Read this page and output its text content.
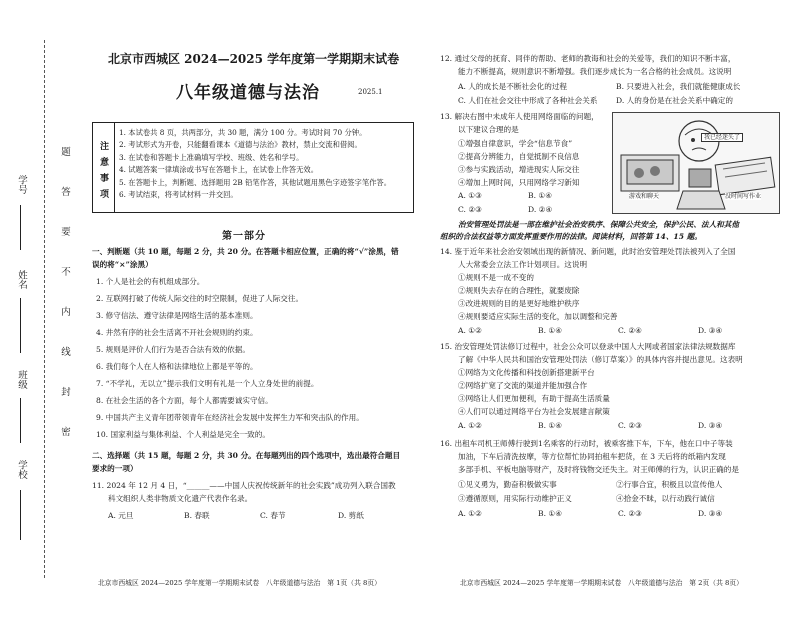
学号
姓名
班级
学校
密
封
线
内
不
要
答
题
北京市西城区 2024—2025 学年度第一学期期末试卷
八年级道德与法治	2025.1
注意事项
1. 本试卷共 8 页，共两部分，共 30 题，满分 100 分。考试时间 70 分钟。
2. 考试形式为开卷，只能翻看课本《道德与法治》教材，禁止交流和借阅。
3. 在试卷和答题卡上准确填写学校、班级、姓名和学号。
4. 试题答案一律填涂或书写在答题卡上，在试卷上作答无效。
5. 在答题卡上，判断题、选择题用 2B 铅笔作答，其他试题用黑色字迹签字笔作答。
6. 考试结束，将考试材料一并交回。
第一部分
一、判断题（共 10 题，每题 2 分，共 20 分。在答题卡相应位置，正确的将“√”涂黑，错
误的将“×”涂黑）
1. 个人是社会的有机组成部分。
2. 互联网打破了传统人际交往的时空限制，促进了人际交往。
3. 修守信法、遵守法律是网络生活的基本准则。
4. 井然有序的社会生活离不开社会规则的约束。
5. 规则是评价人们行为是否合法有效的依据。
6. 我们每个人在人格和法律地位上都是平等的。
7. “不学礼，无以立”提示我们文明有礼是一个人立身处世的前提。
8. 在社会生活的各个方面，每个人都需要诚实守信。
9. 中国共产主义青年团带领青年在经济社会发展中发挥生力军和突击队的作用。
10. 国家利益与集体利益、个人利益是完全一致的。
二、选择题（共 15 题，每题 2 分，共 30 分。在每题列出的四个选项中，选出最符合题目
要求的一项）
11. 2024 年 12 月 4 日，“______——中国人庆祝传统新年的社会实践”成功列入联合国教
科文组织人类非物质文化遗产代表作名录。
A. 元旦	B. 春联	C. 春节	D. 剪纸
北京市西城区 2024—2025 学年度第一学期期末试卷　八年级道德与法治　第 1页（共 8页）
12. 通过父母的抚育、同伴的帮助、老师的教诲和社会的关爱等，我们的知识不断丰富，
能力不断提高，规则意识不断增强。我们逐步成长为一名合格的社会成员。这说明
A. 人的成长是不断社会化的过程	B. 只要进入社会，我们就能健康成长
C. 人们在社会交往中形成了各种社会关系 D. 人的身份是在社会关系中确定的
13. 解决右图中未成年人使用网络面临的问题，
以下建议合理的是
①增强自律意识，学会“信息节食”
②提高分辨能力，自觉抵制不良信息
③参与实践活动，增进现实人际交往
④增加上网时间，只用网络学习新知
A. ①③	B. ①④
C. ②③	D. ②④
我已经迷失了
游戏和聊天	没时间写作业
治安管理处罚法是一部在维护社会治安秩序、保障公共安全，保护公民、法人和其他
组织的合法权益等方面发挥重要作用的法律。阅读材料，回答第 14、15 题。
14. 鉴于近年来社会治安领域出现的新情况、新问题，此时治安管理处罚法被列入了全国
人大常委会立法工作计划项目。这说明
①规则不是一成不变的
②规则失去存在的合理性，就要废除
③改进规则的目的是更好地维护秩序
④规则要适应实际生活的变化，加以调整和完善
A. ①②	B. ①④	C. ②④	D. ③④
15. 治安管理处罚法修订过程中，社会公众可以登录中国人大网或者国家法律法规数据库
了解《中华人民共和国治安管理处罚法（修订草案）》的具体内容并提出意见。这表明
①网络为文化传播和科技创新搭建新平台
②网络扩宽了交流的渠道并能加强合作
③网络让人们更加便利，有助于提高生活质量
④人们可以通过网络平台为社会发展建言献策
A. ①②	B. ①④	C. ②③	D. ③④
16. 出租车司机王师傅行驶到1名乘客的行动时，被乘客推下车，下车，他在口中子等装
加油，下车后清洗按摩，等方位帮忙协同拍租车把货，在 3 天后将的纸箱内发现
多部手机、平板电脑等财产，及时将钱物交还失主。对王师傅的行为，认识正确的是
①见义勇为，勤奋积极做实事	②行事合宜，积极且以宣传他人
③遵循原则，用实际行动维护正义	④拾金不昧，以行动践行诚信
A. ①②	B. ①④	C. ②③	D. ③④
北京市西城区 2024—2025 学年度第一学期期末试卷　八年级道德与法治　第 2页（共 8页）
